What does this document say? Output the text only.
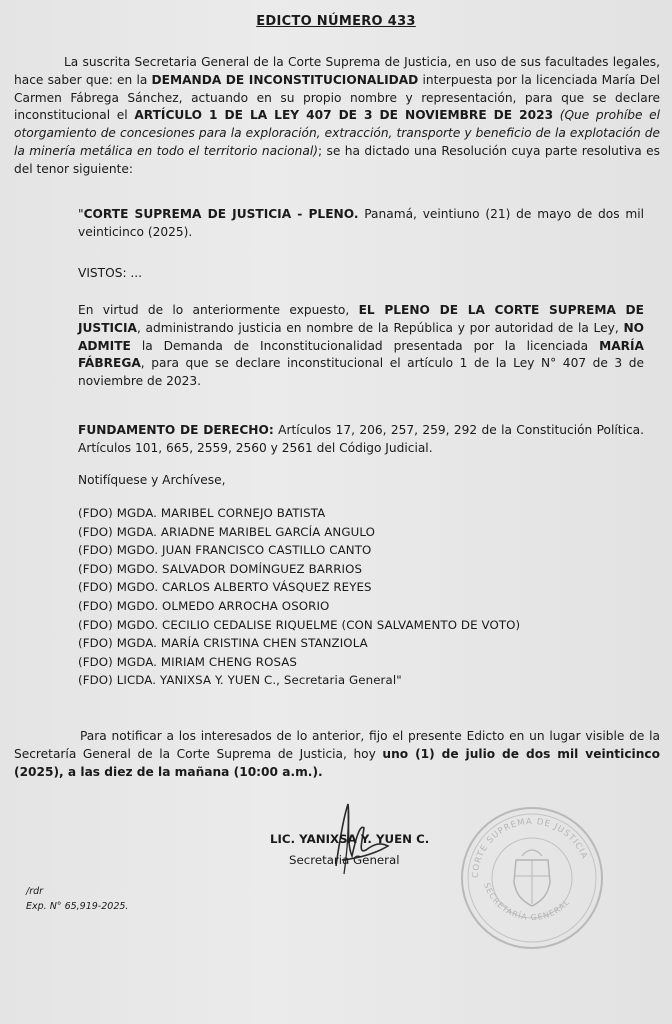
EDICTO NÚMERO 433
La suscrita Secretaria General de la Corte Suprema de Justicia, en uso de sus facultades legales, hace saber que: en la DEMANDA DE INCONSTITUCIONALIDAD interpuesta por la licenciada María Del Carmen Fábrega Sánchez, actuando en su propio nombre y representación, para que se declare inconstitucional el ARTÍCULO 1 DE LA LEY 407 DE 3 DE NOVIEMBRE DE 2023 (Que prohíbe el otorgamiento de concesiones para la exploración, extracción, transporte y beneficio de la explotación de la minería metálica en todo el territorio nacional); se ha dictado una Resolución cuya parte resolutiva es del tenor siguiente:
"CORTE SUPREMA DE JUSTICIA - PLENO. Panamá, veintiuno (21) de mayo de dos mil veinticinco (2025).
VISTOS: ...
En virtud de lo anteriormente expuesto, EL PLENO DE LA CORTE SUPREMA DE JUSTICIA, administrando justicia en nombre de la República y por autoridad de la Ley, NO ADMITE la Demanda de Inconstitucionalidad presentada por la licenciada MARÍA FÁBREGA, para que se declare inconstitucional el artículo 1 de la Ley N° 407 de 3 de noviembre de 2023.
FUNDAMENTO DE DERECHO: Artículos 17, 206, 257, 259, 292 de la Constitución Política. Artículos 101, 665, 2559, 2560 y 2561 del Código Judicial.
Notifíquese y Archívese,
(FDO) MGDA. MARIBEL CORNEJO BATISTA
(FDO) MGDA. ARIADNE MARIBEL GARCÍA ANGULO
(FDO) MGDO. JUAN FRANCISCO CASTILLO CANTO
(FDO) MGDO. SALVADOR DOMÍNGUEZ BARRIOS
(FDO) MGDO. CARLOS ALBERTO VÁSQUEZ REYES
(FDO) MGDO. OLMEDO ARROCHA OSORIO
(FDO) MGDO. CECILIO CEDALISE RIQUELME (CON SALVAMENTO DE VOTO)
(FDO) MGDA. MARÍA CRISTINA CHEN STANZIOLA
(FDO) MGDA. MIRIAM CHENG ROSAS
(FDO) LICDA. YANIXSA Y. YUEN C., Secretaria General"
Para notificar a los interesados de lo anterior, fijo el presente Edicto en un lugar visible de la Secretaría General de la Corte Suprema de Justicia, hoy uno (1) de julio de dos mil veinticinco (2025), a las diez de la mañana (10:00 a.m.).
LIC. YANIXSA Y. YUEN C.
Secretaria General
CORTE SUPREMA DE JUSTICIA
SECRETARÍA GENERAL
/rdr
Exp. N° 65,919-2025.
